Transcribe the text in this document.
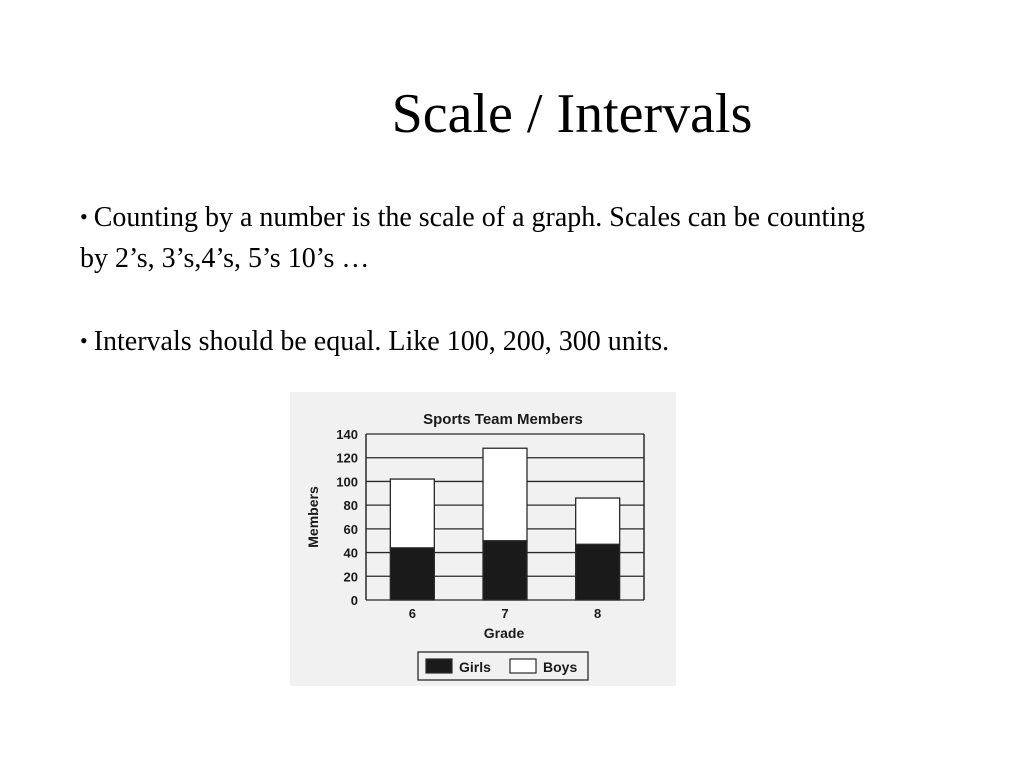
Scale / Intervals

• Counting by a number is the scale of a graph. Scales can be counting by 2’s, 3’s,4’s, 5’s 10’s …

• Intervals should be equal. Like 100, 200, 300 units.

Sports Team Members
Members
Grade
0
20
40
60
80
100
120
140
6	7	8
Girls	Boys
